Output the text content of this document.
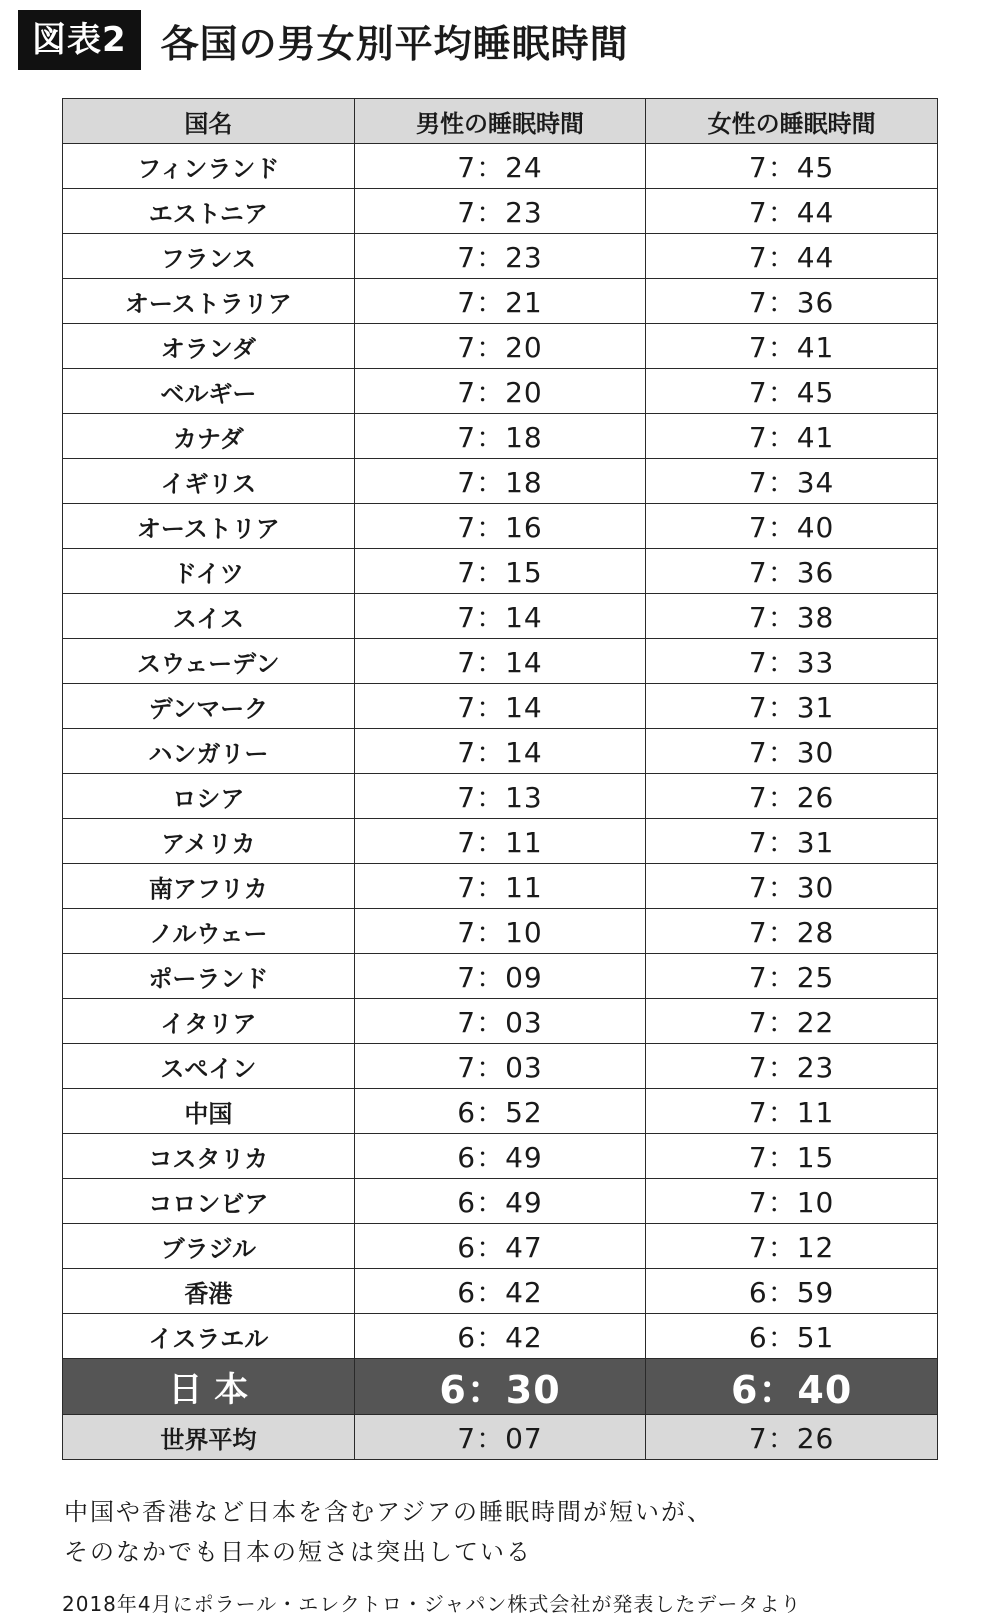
図表2 各国の男女別平均睡眠時間
国名	男性の睡眠時間	女性の睡眠時間
フィンランド	7：24	7：45
エストニア	7：23	7：44
フランス	7：23	7：44
オーストラリア	7：21	7：36
オランダ	7：20	7：41
ベルギー	7：20	7：45
カナダ	7：18	7：41
イギリス	7：18	7：34
オーストリア	7：16	7：40
ドイツ	7：15	7：36
スイス	7：14	7：38
スウェーデン	7：14	7：33
デンマーク	7：14	7：31
ハンガリー	7：14	7：30
ロシア	7：13	7：26
アメリカ	7：11	7：31
南アフリカ	7：11	7：30
ノルウェー	7：10	7：28
ポーランド	7：09	7：25
イタリア	7：03	7：22
スペイン	7：03	7：23
中国	6：52	7：11
コスタリカ	6：49	7：15
コロンビア	6：49	7：10
ブラジル	6：47	7：12
香港	6：42	6：59
イスラエル	6：42	6：51
日 本	6：30	6：40
世界平均	7：07	7：26
中国や香港など日本を含むアジアの睡眠時間が短いが、
そのなかでも日本の短さは突出している
2018年4月にポラール・エレクトロ・ジャパン株式会社が発表したデータより
